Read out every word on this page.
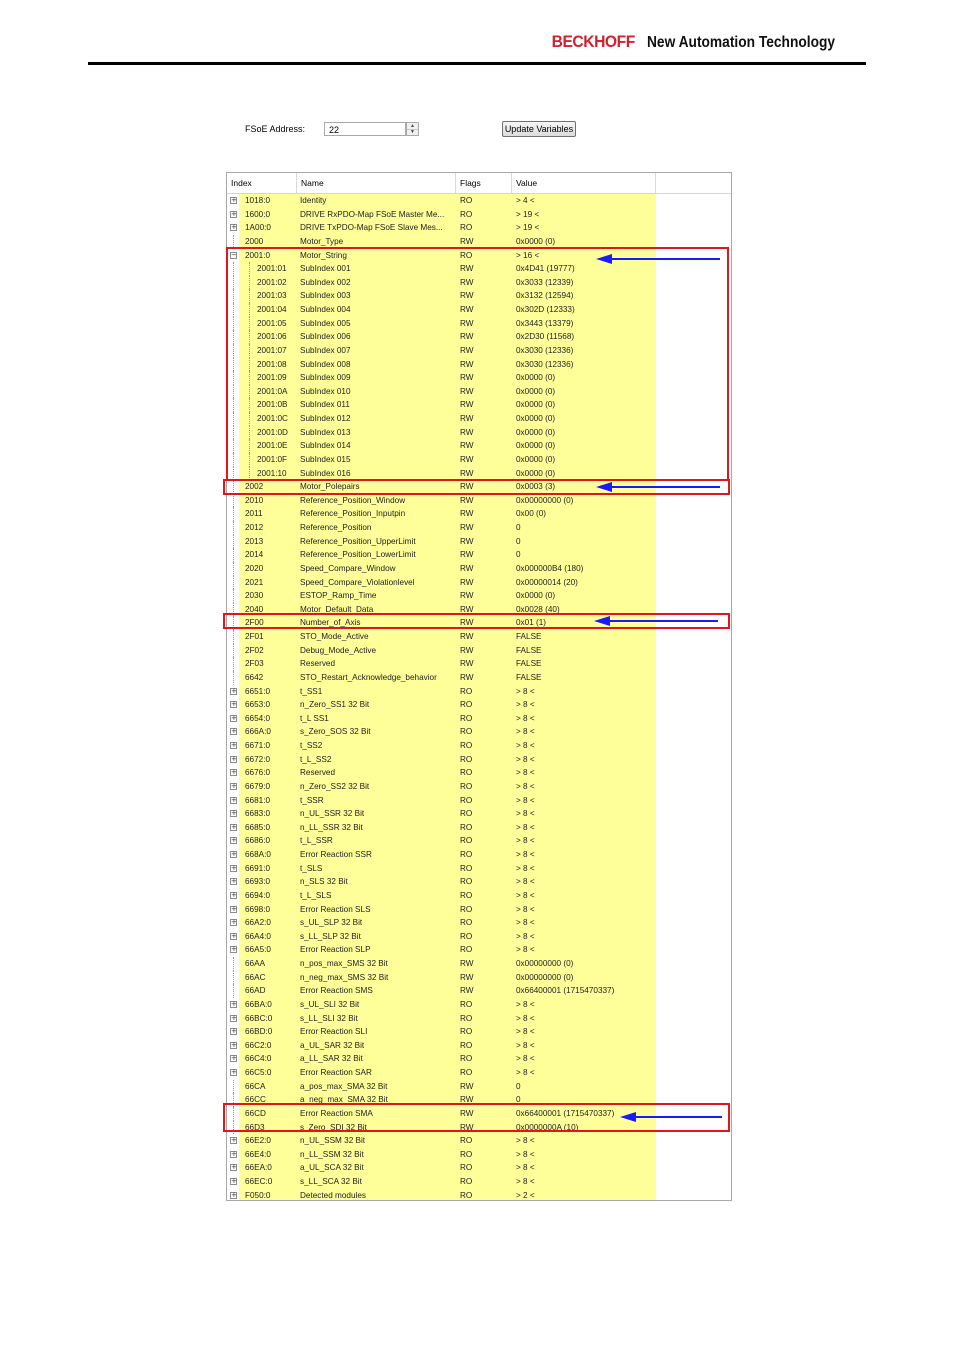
BECKHOFF New Automation Technology
FSoE Address:	22	▲
▼	Update Variables
Index	Name	Flags	Value
+ 1018:0	Identity	RO	> 4 <
+ 1600:0	DRIVE RxPDO-Map FSoE Master Me...	RO	> 19 <
+ 1A00:0	DRIVE TxPDO-Map FSoE Slave Mes...	RO	> 19 <
2000	Motor_Type	RW	0x0000 (0)
− 2001:0	Motor_String	RO	> 16 <
2001:01	SubIndex 001	RW	0x4D41 (19777)
2001:02	SubIndex 002	RW	0x3033 (12339)
2001:03	SubIndex 003	RW	0x3132 (12594)
2001:04	SubIndex 004	RW	0x302D (12333)
2001:05	SubIndex 005	RW	0x3443 (13379)
2001:06	SubIndex 006	RW	0x2D30 (11568)
2001:07	SubIndex 007	RW	0x3030 (12336)
2001:08	SubIndex 008	RW	0x3030 (12336)
2001:09	SubIndex 009	RW	0x0000 (0)
2001:0A	SubIndex 010	RW	0x0000 (0)
2001:0B	SubIndex 011	RW	0x0000 (0)
2001:0C	SubIndex 012	RW	0x0000 (0)
2001:0D	SubIndex 013	RW	0x0000 (0)
2001:0E	SubIndex 014	RW	0x0000 (0)
2001:0F	SubIndex 015	RW	0x0000 (0)
2001:10	SubIndex 016	RW	0x0000 (0)
2002	Motor_Polepairs	RW	0x0003 (3)
2010	Reference_Position_Window	RW	0x00000000 (0)
2011	Reference_Position_Inputpin	RW	0x00 (0)
2012	Reference_Position	RW	0
2013	Reference_Position_UpperLimit	RW	0
2014	Reference_Position_LowerLimit	RW	0
2020	Speed_Compare_Window	RW	0x000000B4 (180)
2021	Speed_Compare_Violationlevel	RW	0x00000014 (20)
2030	ESTOP_Ramp_Time	RW	0x0000 (0)
2040	Motor_Default_Data	RW	0x0028 (40)
2F00	Number_of_Axis	RW	0x01 (1)
2F01	STO_Mode_Active	RW	FALSE
2F02	Debug_Mode_Active	RW	FALSE
2F03	Reserved	RW	FALSE
6642	STO_Restart_Acknowledge_behavior	RW	FALSE
+ 6651:0	t_SS1	RO	> 8 <
+ 6653:0	n_Zero_SS1 32 Bit	RO	> 8 <
+ 6654:0	t_L SS1	RO	> 8 <
+ 666A:0	s_Zero_SOS 32 Bit	RO	> 8 <
+ 6671:0	t_SS2	RO	> 8 <
+ 6672:0	t_L_SS2	RO	> 8 <
+ 6676:0	Reserved	RO	> 8 <
+ 6679:0	n_Zero_SS2 32 Bit	RO	> 8 <
+ 6681:0	t_SSR	RO	> 8 <
+ 6683:0	n_UL_SSR 32 Bit	RO	> 8 <
+ 6685:0	n_LL_SSR 32 Bit	RO	> 8 <
+ 6686:0	t_L_SSR	RO	> 8 <
+ 668A:0	Error Reaction SSR	RO	> 8 <
+ 6691:0	t_SLS	RO	> 8 <
+ 6693:0	n_SLS 32 Bit	RO	> 8 <
+ 6694:0	t_L_SLS	RO	> 8 <
+ 6698:0	Error Reaction SLS	RO	> 8 <
+ 66A2:0	s_UL_SLP 32 Bit	RO	> 8 <
+ 66A4:0	s_LL_SLP 32 Bit	RO	> 8 <
+ 66A5:0	Error Reaction SLP	RO	> 8 <
66AA	n_pos_max_SMS 32 Bit	RW	0x00000000 (0)
66AC	n_neg_max_SMS 32 Bit	RW	0x00000000 (0)
66AD	Error Reaction SMS	RW	0x66400001 (1715470337)
+ 66BA:0	s_UL_SLI 32 Bit	RO	> 8 <
+ 66BC:0	s_LL_SLI 32 Bit	RO	> 8 <
+ 66BD:0	Error Reaction SLI	RO	> 8 <
+ 66C2:0	a_UL_SAR 32 Bit	RO	> 8 <
+ 66C4:0	a_LL_SAR 32 Bit	RO	> 8 <
+ 66C5:0	Error Reaction SAR	RO	> 8 <
66CA	a_pos_max_SMA 32 Bit	RW	0
66CC	a_neg_max_SMA 32 Bit	RW	0
66CD	Error Reaction SMA	RW	0x66400001 (1715470337)
66D3	s_Zero_SDI 32 Bit	RW	0x0000000A (10)
+ 66E2:0	n_UL_SSM 32 Bit	RO	> 8 <
+ 66E4:0	n_LL_SSM 32 Bit	RO	> 8 <
+ 66EA:0	a_UL_SCA 32 Bit	RO	> 8 <
+ 66EC:0	s_LL_SCA 32 Bit	RO	> 8 <
+ F050:0	Detected modules	RO	> 2 <
